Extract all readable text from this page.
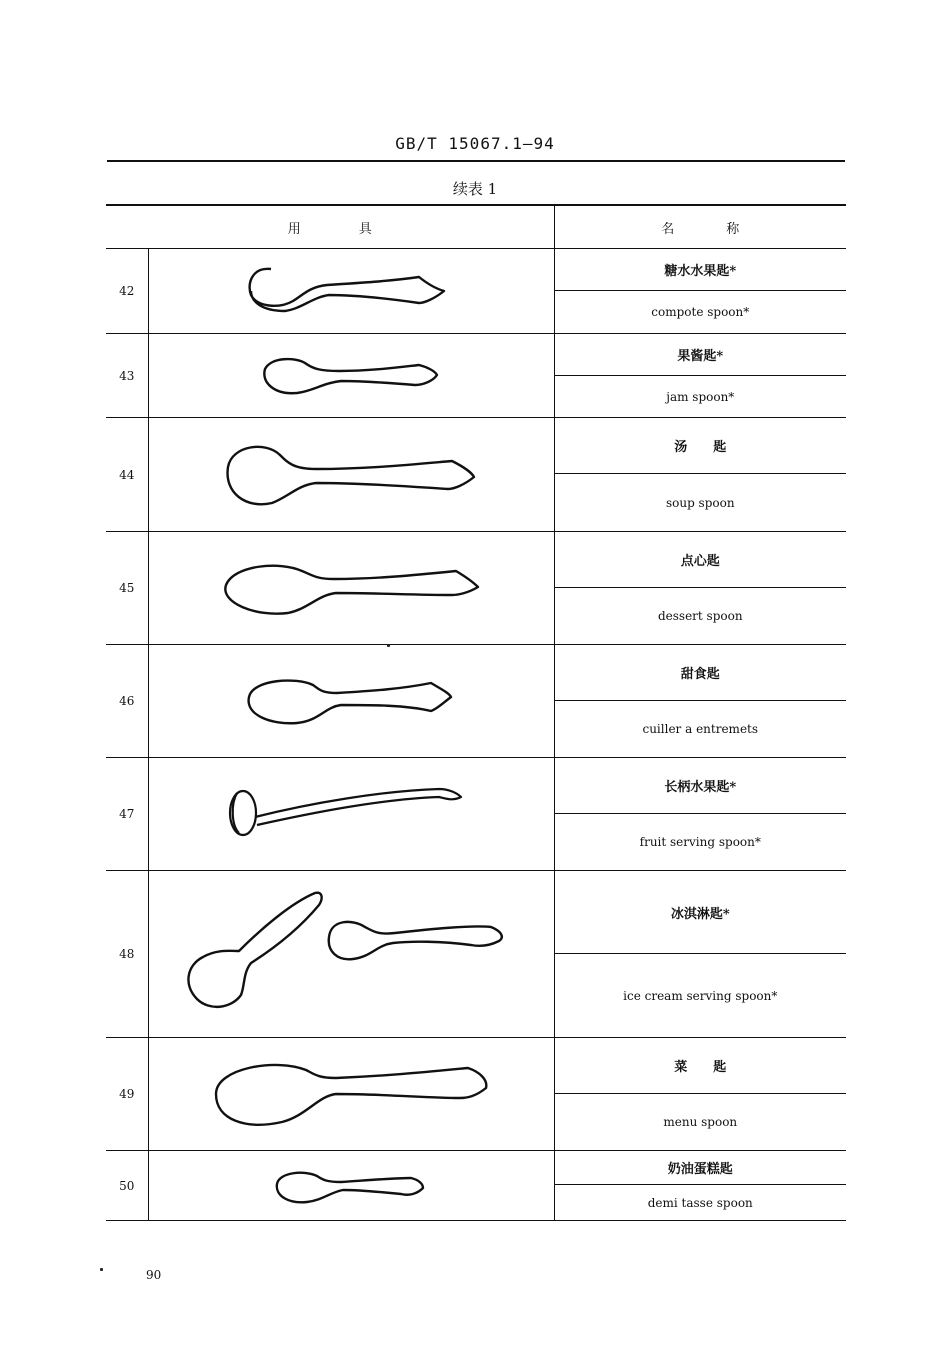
GB/T 15067.1—94
续表 1
用具		名称
42		糖水水果匙*
		compote spoon*
43		果酱匙*
		jam spoon*
44		汤　　匙
		soup spoon
45		点心匙
		dessert spoon
46		甜食匙
		cuiller a entremets
47		长柄水果匙*
		fruit serving spoon*
48		冰淇淋匙*
		ice cream serving spoon*
49		菜　　匙
		menu spoon
50		奶油蛋糕匙
		demi tasse spoon
90
